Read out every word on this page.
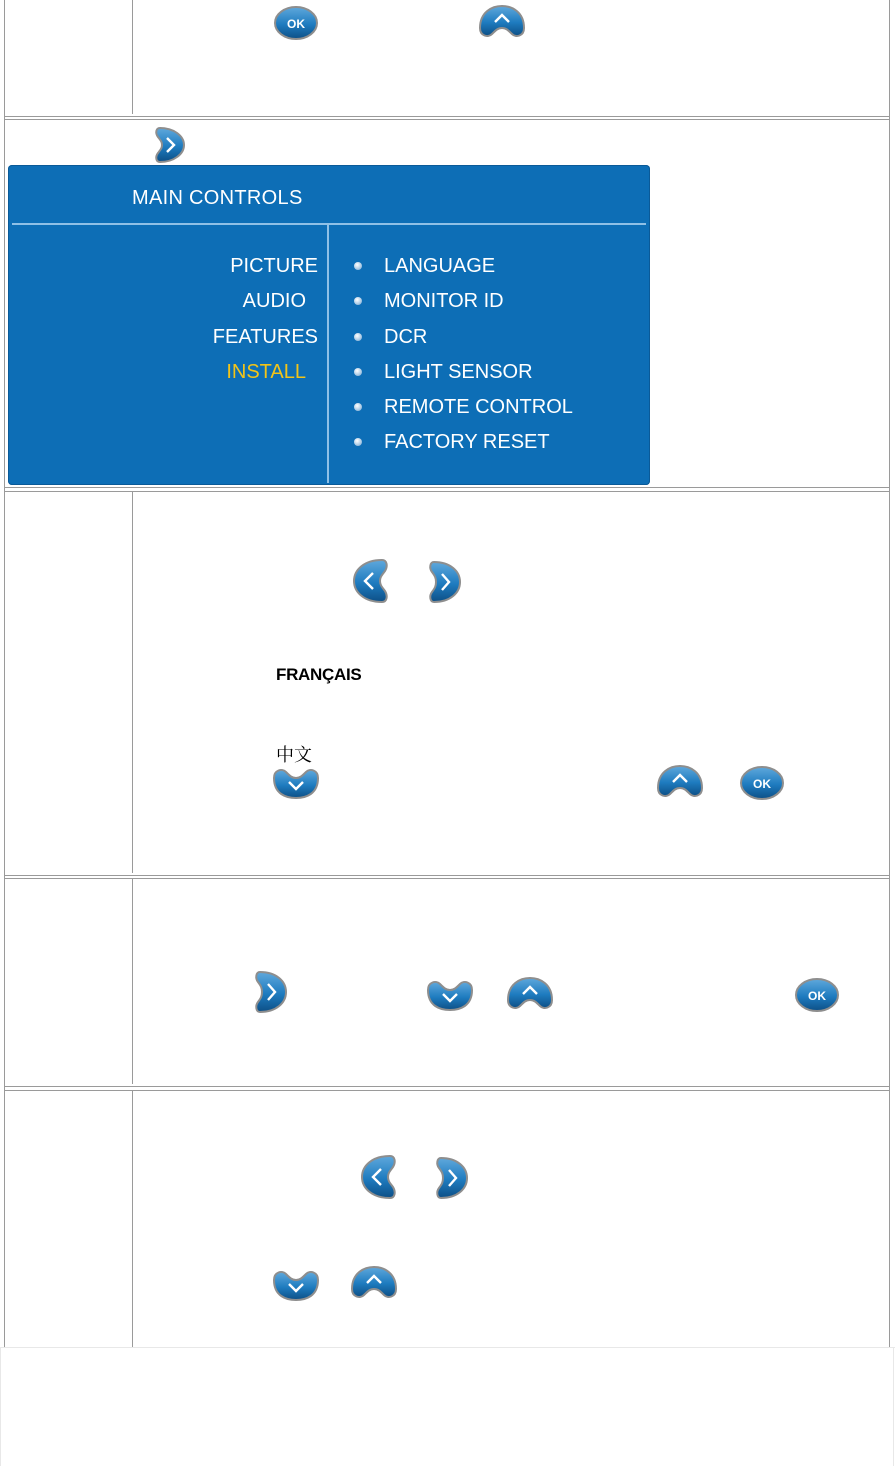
OK
MAIN CONTROLS
PICTURE
AUDIO
FEATURES
INSTALL
LANGUAGE
MONITOR ID
DCR
LIGHT SENSOR
REMOTE CONTROL
FACTORY RESET
FRANÇAIS
中文
OK
OK
